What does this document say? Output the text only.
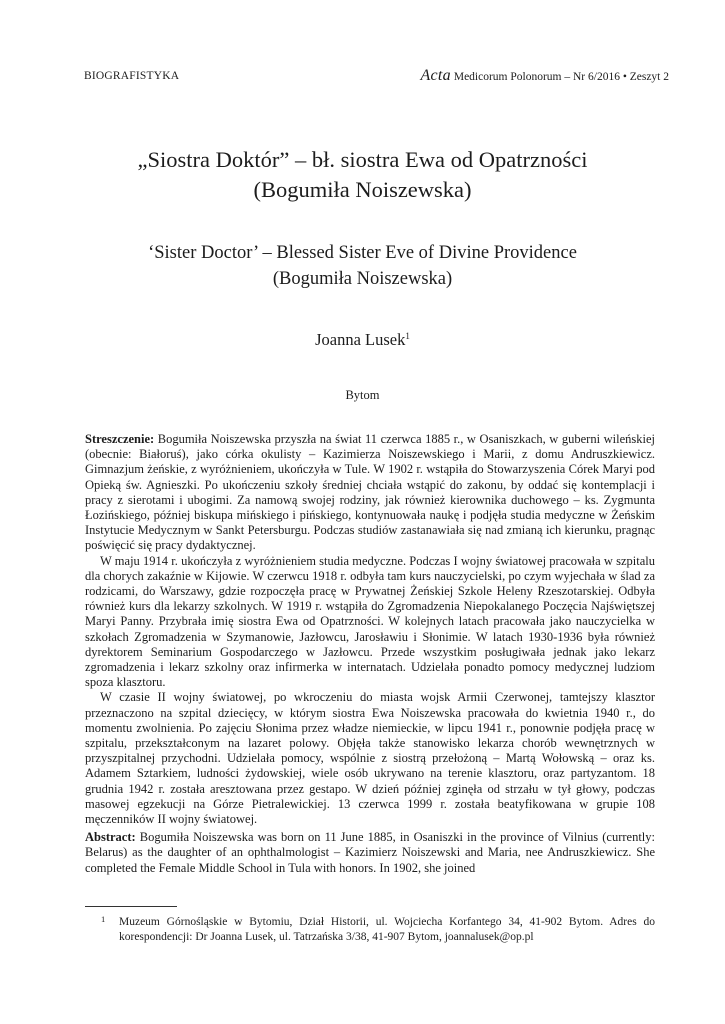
BIOGRAFISTYKA	Acta Medicorum Polonorum – Nr 6/2016 • Zeszyt 2
„Siostra Doktór” – bł. siostra Ewa od Opatrzności
(Bogumiła Noiszewska)
‘Sister Doctor’ – Blessed Sister Eve of Divine Providence
(Bogumiła Noiszewska)
Joanna Lusek$^1$
Bytom

Streszczenie: Bogumiła Noiszewska przyszła na świat 11 czerwca 1885 r., w Osaniszkach, w guberni wileńskiej (obecnie: Białoruś), jako córka okulisty – Kazimierza Noiszewskiego i Marii, z domu Andruszkiewicz. Gimnazjum żeńskie, z wyróżnieniem, ukończyła w Tule. W 1902 r. wstąpiła do Stowarzyszenia Córek Maryi pod Opieką św. Agnieszki. Po ukończeniu szkoły średniej chciała wstąpić do zakonu, by oddać się kontemplacji i pracy z sierotami i ubogimi. Za namową swojej rodziny, jak również kierownika duchowego – ks. Zygmunta Łozińskiego, później biskupa mińskiego i pińskiego, kontynuowała naukę i podjęła studia medyczne w Żeńskim Instytucie Medycznym w Sankt Petersburgu. Podczas studiów zastanawiała się nad zmianą ich kierunku, pragnąc poświęcić się pracy dydaktycznej.

W maju 1914 r. ukończyła z wyróżnieniem studia medyczne. Podczas I wojny światowej pracowała w szpitalu dla chorych zakaźnie w Kijowie. W czerwcu 1918 r. odbyła tam kurs nauczycielski, po czym wyjechała w ślad za rodzicami, do Warszawy, gdzie rozpoczęła pracę w Prywatnej Żeńskiej Szkole Heleny Rzeszotarskiej. Odbyła również kurs dla lekarzy szkolnych. W 1919 r. wstąpiła do Zgromadzenia Niepokalanego Poczęcia Najświętszej Maryi Panny. Przybrała imię siostra Ewa od Opatrzności. W kolejnych latach pracowała jako nauczycielka w szkołach Zgromadzenia w Szymanowie, Jazłowcu, Jarosławiu i Słonimie. W latach 1930-1936 była również dyrektorem Seminarium Gospodarczego w Jazłowcu. Przede wszystkim posługiwała jednak jako lekarz zgromadzenia i lekarz szkolny oraz infirmerka w internatach. Udzielała ponadto pomocy medycznej ludziom spoza klasztoru.

W czasie II wojny światowej, po wkroczeniu do miasta wojsk Armii Czerwonej, tamtejszy klasztor przeznaczono na szpital dziecięcy, w którym siostra Ewa Noiszewska pracowała do kwietnia 1940 r., do momentu zwolnienia. Po zajęciu Słonima przez władze niemieckie, w lipcu 1941 r., ponownie podjęła pracę w szpitalu, przekształconym na lazaret polowy. Objęła także stanowisko lekarza chorób wewnętrznych w przyszpitalnej przychodni. Udzielała pomocy, wspólnie z siostrą przełożoną – Martą Wołowską – oraz ks. Adamem Sztarkiem, ludności żydowskiej, wiele osób ukrywano na terenie klasztoru, oraz partyzantom. 18 grudnia 1942 r. została aresztowana przez gestapo. W dzień później zginęła od strzału w tył głowy, podczas masowej egzekucji na Górze Pietralewickiej. 13 czerwca 1999 r. została beatyfikowana w grupie 108 męczenników II wojny światowej.

Abstract: Bogumiła Noiszewska was born on 11 June 1885, in Osaniszki in the province of Vilnius (currently: Belarus) as the daughter of an ophthalmologist – Kazimierz Noiszewski and Maria, nee Andruszkiewicz. She completed the Female Middle School in Tula with honors. In 1902, she joined

1	Muzeum Górnośląskie w Bytomiu, Dział Historii, ul. Wojciecha Korfantego 34, 41-902 Bytom. Adres do korespondencji: Dr Joanna Lusek, ul. Tatrzańska 3/38, 41-907 Bytom, joannalusek@op.pl
